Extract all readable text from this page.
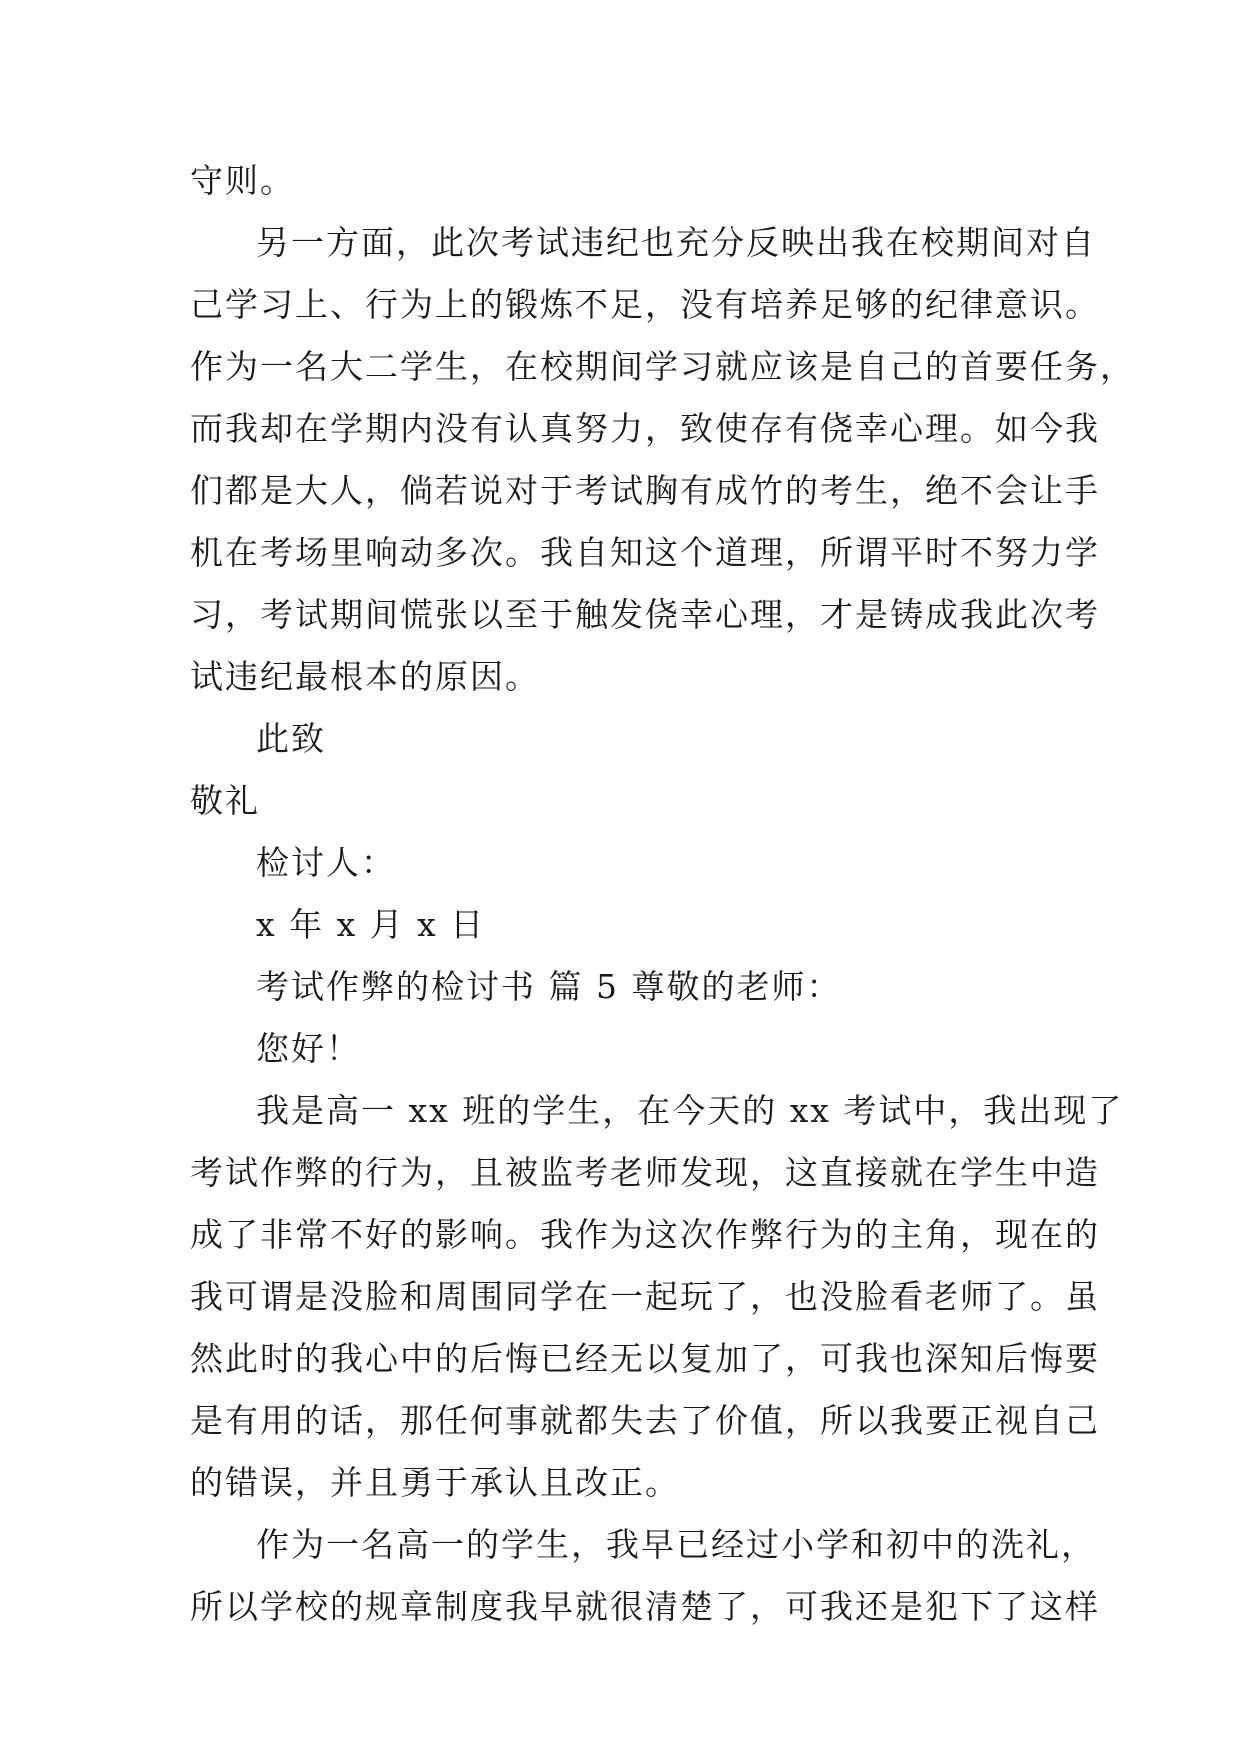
守则。
另一方面，此次考试违纪也充分反映出我在校期间对自
己学习上、行为上的锻炼不足，没有培养足够的纪律意识。
作为一名大二学生，在校期间学习就应该是自己的首要任务，
而我却在学期内没有认真努力，致使存有侥幸心理。如今我
们都是大人，倘若说对于考试胸有成竹的考生，绝不会让手
机在考场里响动多次。我自知这个道理，所谓平时不努力学
习，考试期间慌张以至于触发侥幸心理，才是铸成我此次考
试违纪最根本的原因。
此致
敬礼
检讨人：
x 年 x 月 x 日
考试作弊的检讨书 篇 5 尊敬的老师：
您好！
我是高一 xx 班的学生，在今天的 xx 考试中，我出现了
考试作弊的行为，且被监考老师发现，这直接就在学生中造
成了非常不好的影响。我作为这次作弊行为的主角，现在的
我可谓是没脸和周围同学在一起玩了，也没脸看老师了。虽
然此时的我心中的后悔已经无以复加了，可我也深知后悔要
是有用的话，那任何事就都失去了价值，所以我要正视自己
的错误，并且勇于承认且改正。
作为一名高一的学生，我早已经过小学和初中的洗礼，
所以学校的规章制度我早就很清楚了，可我还是犯下了这样
